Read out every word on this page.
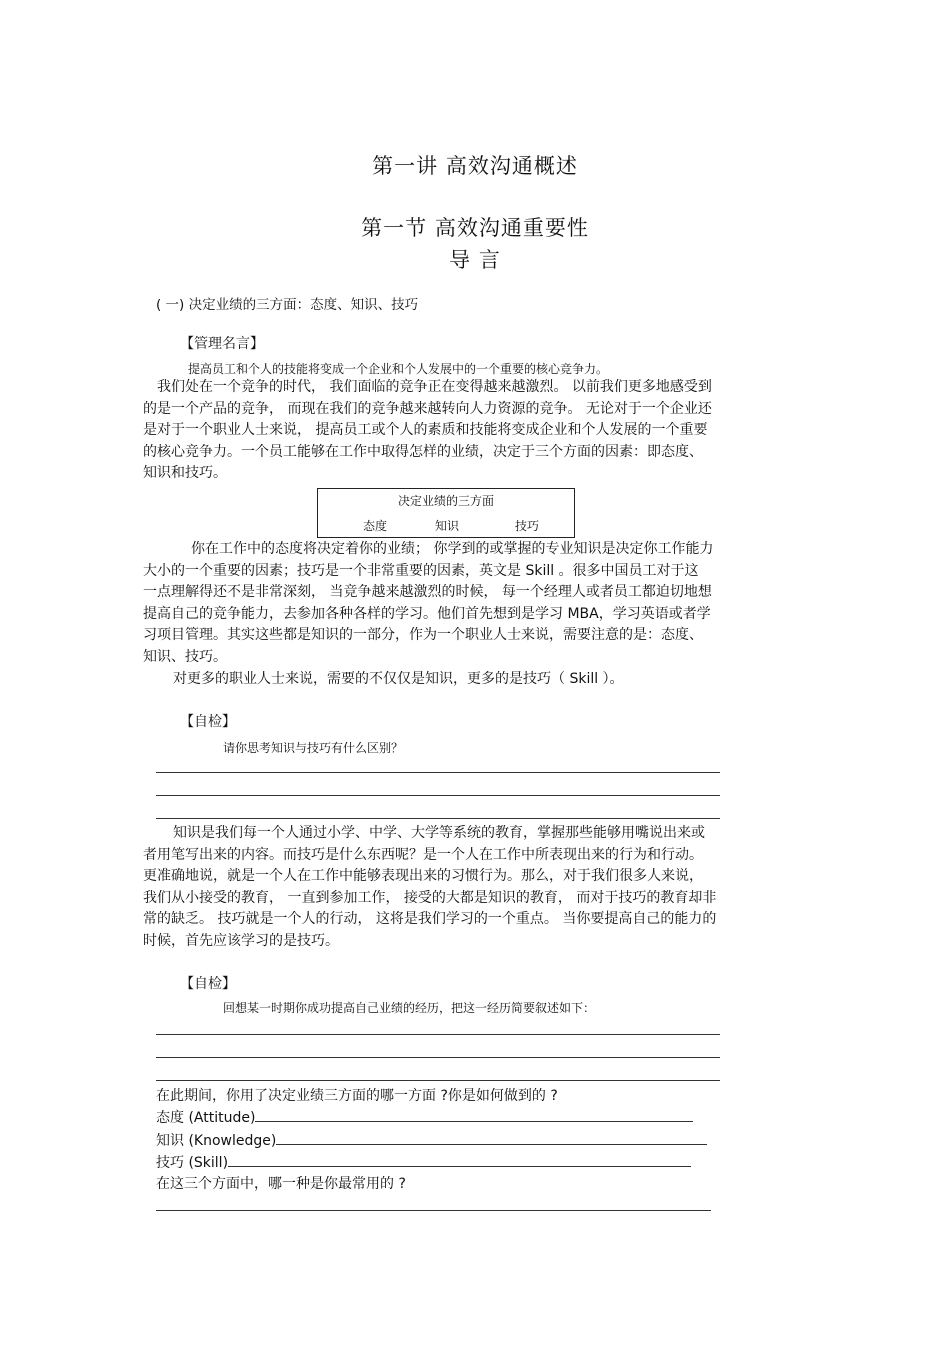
第一讲 高效沟通概述
第一节 高效沟通重要性
导 言
( 一) 决定业绩的三方面：态度、知识、技巧
【管理名言】
提高员工和个人的技能将变成一个企业和个人发展中的一个重要的核心竞争力。
我们处在一个竞争的时代， 我们面临的竞争正在变得越来越激烈。 以前我们更多地感受到
的是一个产品的竞争， 而现在我们的竞争越来越转向人力资源的竞争。 无论对于一个企业还
是对于一个职业人士来说， 提高员工或个人的素质和技能将变成企业和个人发展的一个重要
的核心竞争力。一个员工能够在工作中取得怎样的业绩，决定于三个方面的因素：即态度、
知识和技巧。
决定业绩的三方面
态度	知识	技巧
你在工作中的态度将决定着你的业绩； 你学到的或掌握的专业知识是决定你工作能力
大小的一个重要的因素；技巧是一个非常重要的因素，英文是 Skill 。很多中国员工对于这
一点理解得还不是非常深刻， 当竞争越来越激烈的时候， 每一个经理人或者员工都迫切地想
提高自己的竞争能力，去参加各种各样的学习。他们首先想到是学习 MBA，学习英语或者学
习项目管理。其实这些都是知识的一部分，作为一个职业人士来说，需要注意的是：态度、
知识、技巧。
对更多的职业人士来说，需要的不仅仅是知识，更多的是技巧（ Skill ）。
【自检】
请你思考知识与技巧有什么区别？
知识是我们每一个人通过小学、中学、大学等系统的教育，掌握那些能够用嘴说出来或
者用笔写出来的内容。而技巧是什么东西呢？是一个人在工作中所表现出来的行为和行动。
更准确地说，就是一个人在工作中能够表现出来的习惯行为。那么，对于我们很多人来说，
我们从小接受的教育， 一直到参加工作， 接受的大都是知识的教育， 而对于技巧的教育却非
常的缺乏。 技巧就是一个人的行动， 这将是我们学习的一个重点。 当你要提高自己的能力的
时候，首先应该学习的是技巧。
【自检】
回想某一时期你成功提高自己业绩的经历，把这一经历简要叙述如下：
在此期间，你用了决定业绩三方面的哪一方面 ?你是如何做到的 ?
态度 (Attitude)
知识 (Knowledge)
技巧 (Skill)
在这三个方面中，哪一种是你最常用的 ?
